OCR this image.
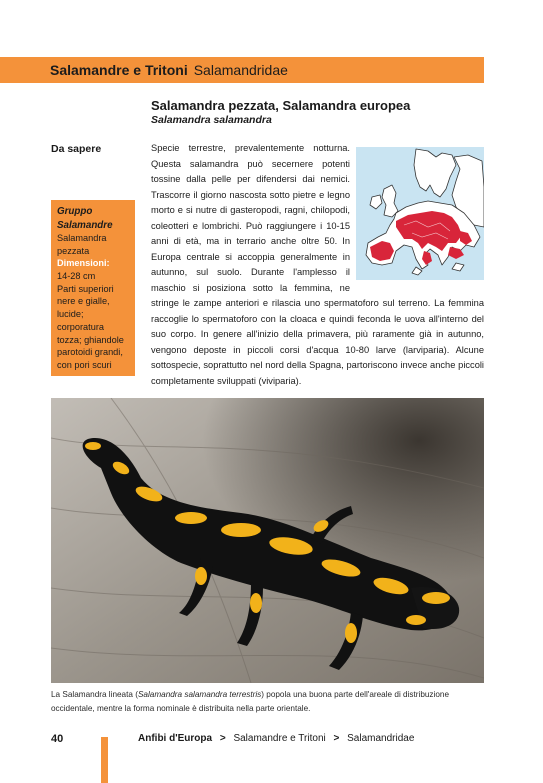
Salamandre e Tritoni Salamandridae
Salamandra pezzata, Salamandra europea
Salamandra salamandra
Da sapere
Gruppo Salamandre
Salamandra pezzata
Dimensioni:
14-28 cm
Parti superiori nere e gialle, lucide; corporatura tozza; ghiandole parotoidi grandi, con pori scuri
Specie terrestre, prevalentemente notturna. Questa salamandra può secernere potenti tossine dalla pelle per difendersi dai nemici. Trascorre il giorno nascosta sotto pietre e legno morto e si nutre di gasteropodi, ragni, chilopodi, coleotteri e lombrichi. Può raggiungere i 10-15 anni di età, ma in terrario anche oltre 50. In Europa centrale si accoppia generalmente in autunno, sul suolo. Durante l'amplesso il maschio si posiziona sotto la femmina, ne stringe le zampe anteriori e rilascia uno spermatoforo sul terreno. La femmina raccoglie lo spermatoforo con la cloaca e quindi feconda le uova all'interno del suo corpo. In genere all'inizio della primavera, più raramente già in autunno, vengono deposte in piccoli corsi d'acqua 10-80 larve (larviparia). Alcune sottospecie, soprattutto nel nord della Spagna, partoriscono invece anche piccoli completamente sviluppati (viviparia).
La Salamandra lineata (Salamandra salamandra terrestris) popola una buona parte dell'areale di distribuzione occidentale, mentre la forma nominale è distribuita nella parte orientale.
40	Anfibi d'Europa > Salamandre e Tritoni > Salamandridae
